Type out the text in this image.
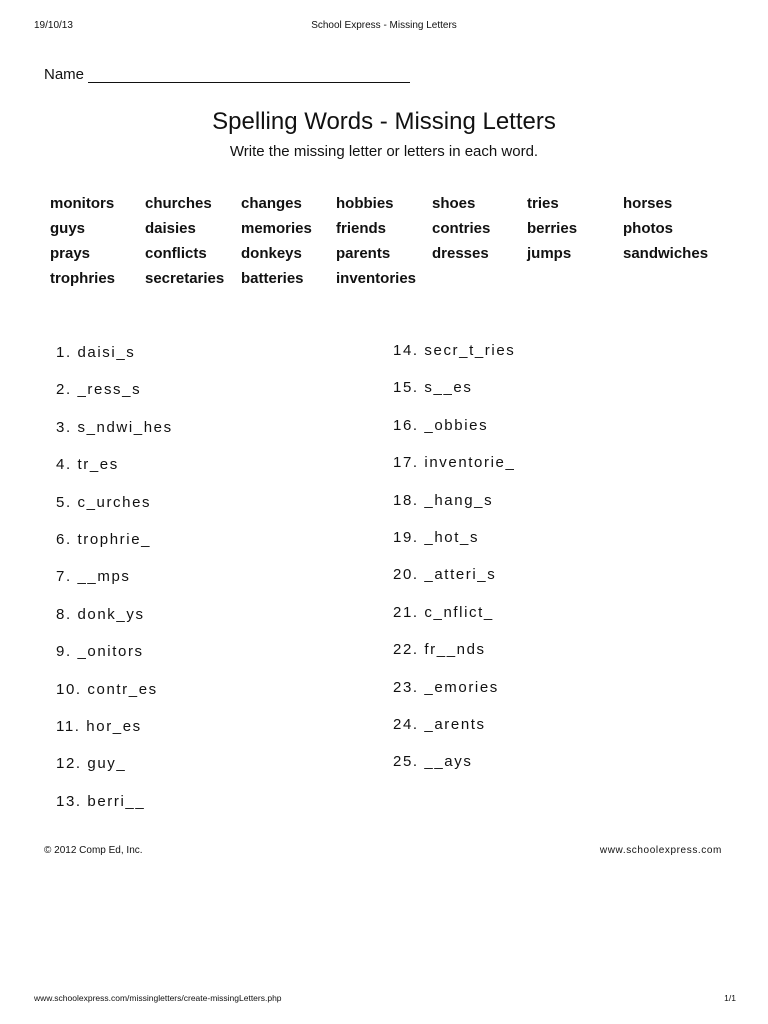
19/10/13	School Express - Missing Letters
Name
Spelling Words - Missing Letters
Write the missing letter or letters in each word.
monitors	churches	changes	hobbies	shoes	tries	horses
guys	daisies	memories	friends	contries	berries	photos
prays	conflicts	donkeys	parents	dresses	jumps	sandwiches
trophries	secretaries	batteries	inventories
1. daisi_s
2. _ress_s
3. s_ndwi_hes
4. tr_es
5. c_urches
6. trophrie_
7. __mps
8. donk_ys
9. _onitors
10. contr_es
11. hor_es
12. guy_
13. berri__
14. secr_t_ries
15. s__es
16. _obbies
17. inventorie_
18. _hang_s
19. _hot_s
20. _atteri_s
21. c_nflict_
22. fr__nds
23. _emories
24. _arents
25. __ays
© 2012 Comp Ed, Inc.	www.schoolexpress.com
www.schoolexpress.com/missingletters/create-missingLetters.php	1/1
